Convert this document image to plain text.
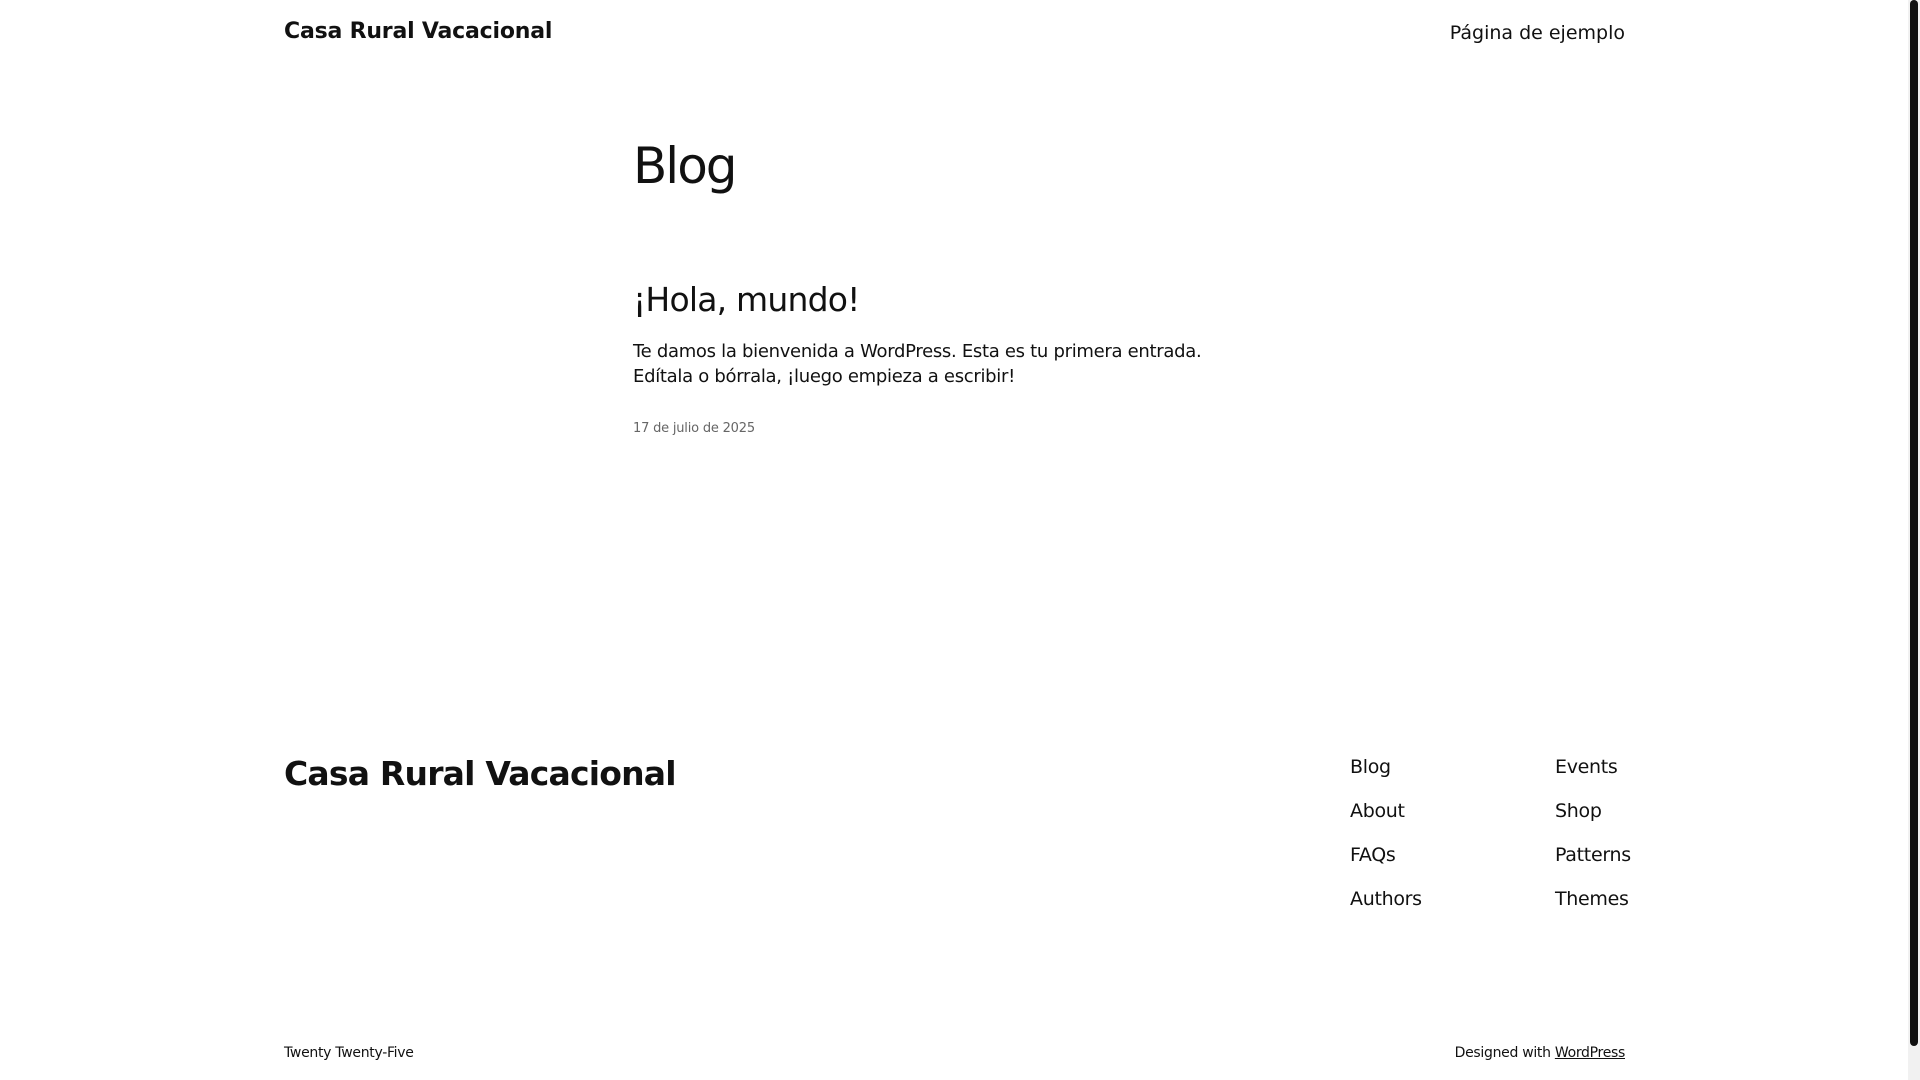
Casa Rural Vacacional	Página de ejemplo
Blog
¡Hola, mundo!

Te damos la bienvenida a WordPress. Esta es tu primera entrada. Edítala o bórrala, ¡luego empieza a escribir!

17 de julio de 2025
Casa Rural Vacacional	Blog
About
FAQs
Authors
Events
Shop
Patterns
Themes
Twenty Twenty-Five	Designed with WordPress
